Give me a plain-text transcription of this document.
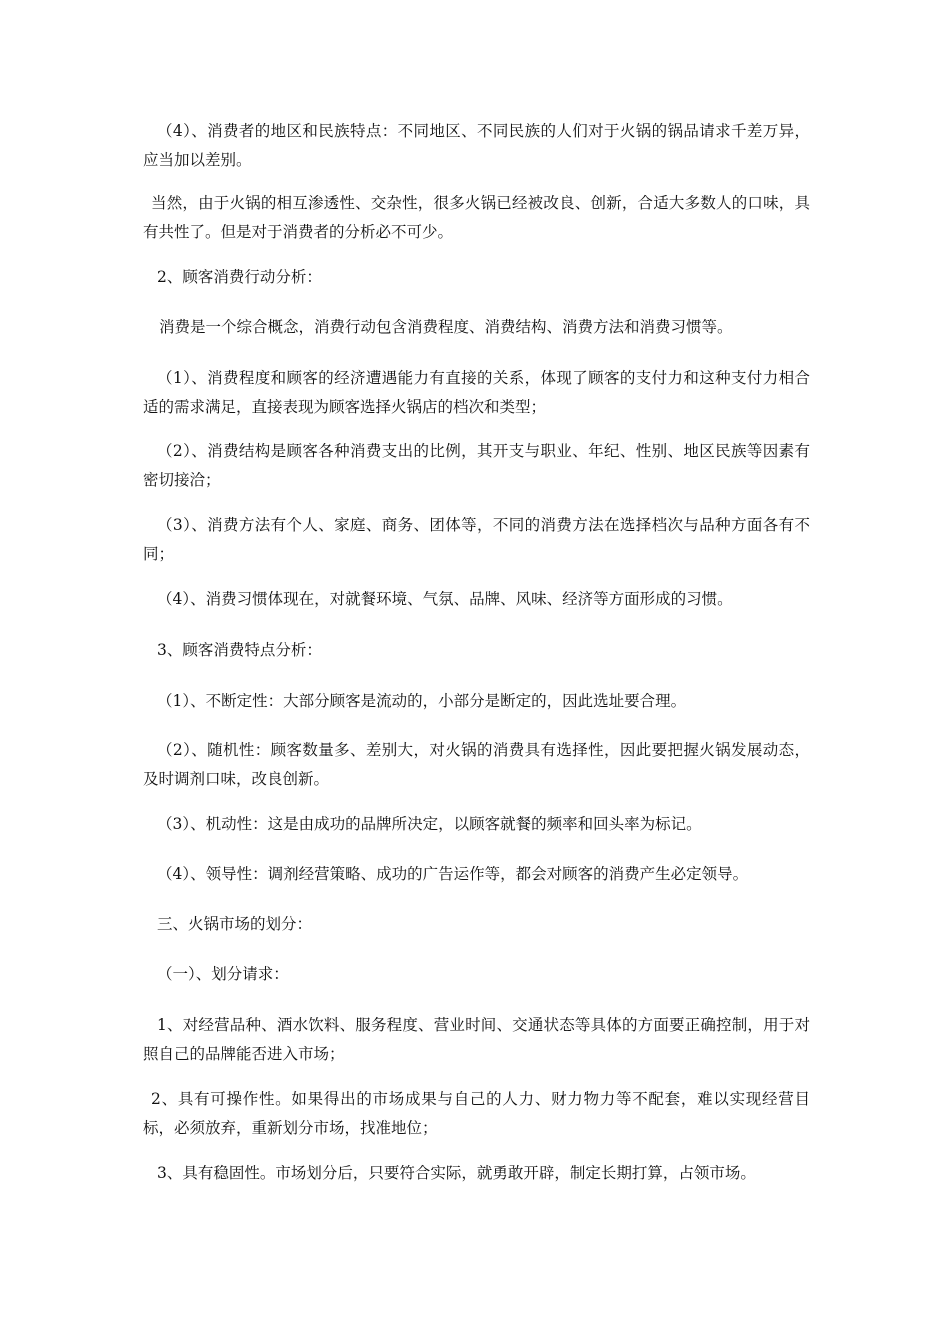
（4）、消费者的地区和民族特点：不同地区、不同民族的人们对于火锅的锅品请求千差万异，应当加以差别。

当然，由于火锅的相互渗透性、交杂性，很多火锅已经被改良、创新，合适大多数人的口味，具有共性了。但是对于消费者的分析必不可少。

2、顾客消费行动分析：

消费是一个综合概念，消费行动包含消费程度、消费结构、消费方法和消费习惯等。

（1）、消费程度和顾客的经济遭遇能力有直接的关系，体现了顾客的支付力和这种支付力相合适的需求满足，直接表现为顾客选择火锅店的档次和类型；

（2）、消费结构是顾客各种消费支出的比例，其开支与职业、年纪、性别、地区民族等因素有密切接洽；

（3）、消费方法有个人、家庭、商务、团体等，不同的消费方法在选择档次与品种方面各有不同；

（4）、消费习惯体现在，对就餐环境、气氛、品牌、风味、经济等方面形成的习惯。

3、顾客消费特点分析：

（1）、不断定性：大部分顾客是流动的，小部分是断定的，因此选址要合理。

（2）、随机性：顾客数量多、差别大，对火锅的消费具有选择性，因此要把握火锅发展动态，及时调剂口味，改良创新。

（3）、机动性：这是由成功的品牌所决定，以顾客就餐的频率和回头率为标记。

（4）、领导性：调剂经营策略、成功的广告运作等，都会对顾客的消费产生必定领导。

三、火锅市场的划分：

（一）、划分请求：

1、对经营品种、酒水饮料、服务程度、营业时间、交通状态等具体的方面要正确控制，用于对照自己的品牌能否进入市场；

2、具有可操作性。如果得出的市场成果与自己的人力、财力物力等不配套，难以实现经营目标，必须放弃，重新划分市场，找准地位；

3、具有稳固性。市场划分后，只要符合实际，就勇敢开辟，制定长期打算，占领市场。
